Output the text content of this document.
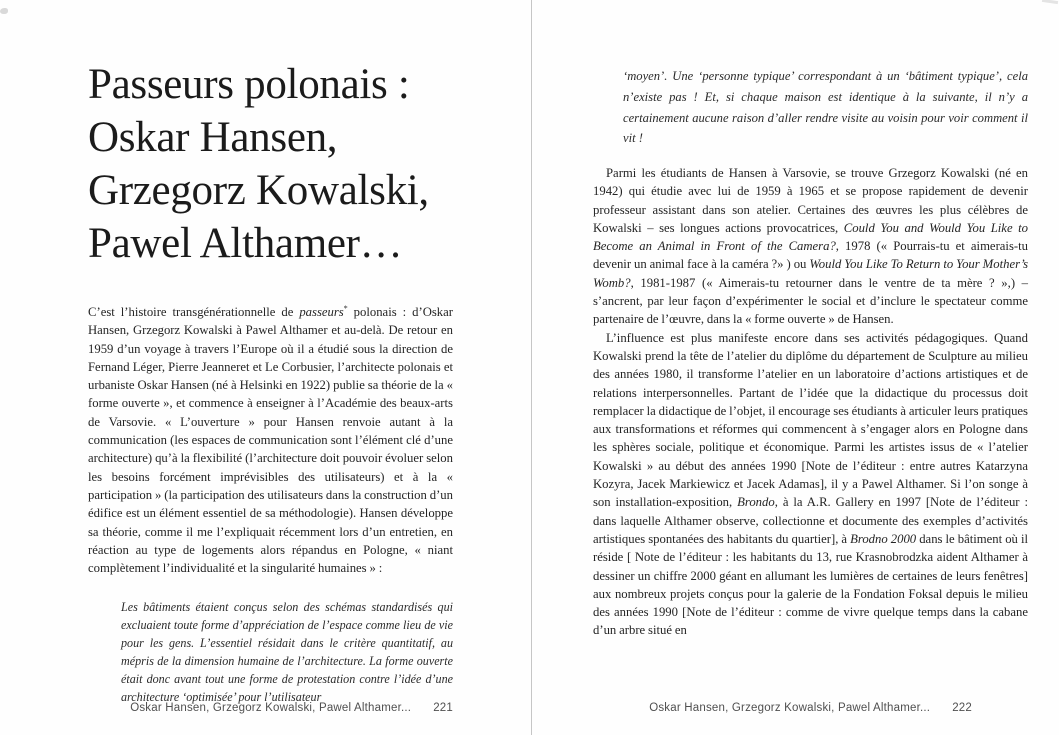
Passeurs polonais :
Oskar Hansen,
Grzegorz Kowalski,
Pawel Althamer…

C’est l’histoire transgénérationnelle de passeurs* polonais : d’Oskar Hansen, Grzegorz Kowalski à Pawel Althamer et au-delà. De retour en 1959 d’un voyage à travers l’Europe où il a étudié sous la direction de Fernand Léger, Pierre Jeanneret et Le Corbusier, l’architecte polonais et urbaniste Oskar Hansen (né à Helsinki en 1922) publie sa théorie de la « forme ouverte », et commence à enseigner à l’Académie des beaux-arts de Varsovie. « L’ouverture » pour Hansen renvoie autant à la communication (les espaces de communication sont l’élément clé d’une architecture) qu’à la flexibilité (l’architecture doit pouvoir évoluer selon les besoins forcément imprévisibles des utilisateurs) et à la « participation » (la participation des utilisateurs dans la construction d’un édifice est un élément essentiel de sa méthodologie). Hansen développe sa théorie, comme il me l’expliquait récemment lors d’un entretien, en réaction au type de logements alors répandus en Pologne, « niant complètement l’individualité et la singularité humaines » :

Les bâtiments étaient conçus selon des schémas standardisés qui excluaient toute forme d’appréciation de l’espace comme lieu de vie pour les gens. L’essentiel résidait dans le critère quantitatif, au mépris de la dimension humaine de l’architecture. La forme ouverte était donc avant tout une forme de protestation contre l’idée d’une architecture ‘optimisée’ pour l’utilisateur
Oskar Hansen, Grzegorz Kowalski, Pawel Althamer... 221
‘moyen’. Une ‘personne typique’ correspondant à un ‘bâtiment typique’, cela n’existe pas ! Et, si chaque maison est identique à la suivante, il n’y a certainement aucune raison d’aller rendre visite au voisin pour voir comment il vit !

Parmi les étudiants de Hansen à Varsovie, se trouve Grzegorz Kowalski (né en 1942) qui étudie avec lui de 1959 à 1965 et se propose rapidement de devenir professeur assistant dans son atelier. Certaines des œuvres les plus célèbres de Kowalski – ses longues actions provocatrices, Could You and Would You Like to Become an Animal in Front of the Camera?, 1978 (« Pourrais-tu et aimerais-tu devenir un animal face à la caméra ?» ) ou Would You Like To Return to Your Mother’s Womb?, 1981-1987 (« Aimerais-tu retourner dans le ventre de ta mère ? »,) – s’ancrent, par leur façon d’expérimenter le social et d’inclure le spectateur comme partenaire de l’œuvre, dans la « forme ouverte » de Hansen.

L’influence est plus manifeste encore dans ses activités pédagogiques. Quand Kowalski prend la tête de l’atelier du diplôme du département de Sculpture au milieu des années 1980, il transforme l’atelier en un laboratoire d’actions artistiques et de relations interpersonnelles. Partant de l’idée que la didactique du processus doit remplacer la didactique de l’objet, il encourage ses étudiants à articuler leurs pratiques aux transformations et réformes qui commencent à s’engager alors en Pologne dans les sphères sociale, politique et économique. Parmi les artistes issus de « l’atelier Kowalski » au début des années 1990 [Note de l’éditeur : entre autres Katarzyna Kozyra, Jacek Markiewicz et Jacek Adamas], il y a Pawel Althamer. Si l’on songe à son installation-exposition, Brondo, à la A.R. Gallery en 1997 [Note de l’éditeur : dans laquelle Althamer observe, collectionne et documente des exemples d’activités artistiques spontanées des habitants du quartier], à Brodno 2000 dans le bâtiment où il réside [ Note de l’éditeur : les habitants du 13, rue Krasnobrodzka aident Althamer à dessiner un chiffre 2000 géant en allumant les lumières de certaines de leurs fenêtres] aux nombreux projets conçus pour la galerie de la Fondation Foksal depuis le milieu des années 1990 [Note de l’éditeur : comme de vivre quelque temps dans la cabane d’un arbre situé en

Oskar Hansen, Grzegorz Kowalski, Pawel Althamer... 222
